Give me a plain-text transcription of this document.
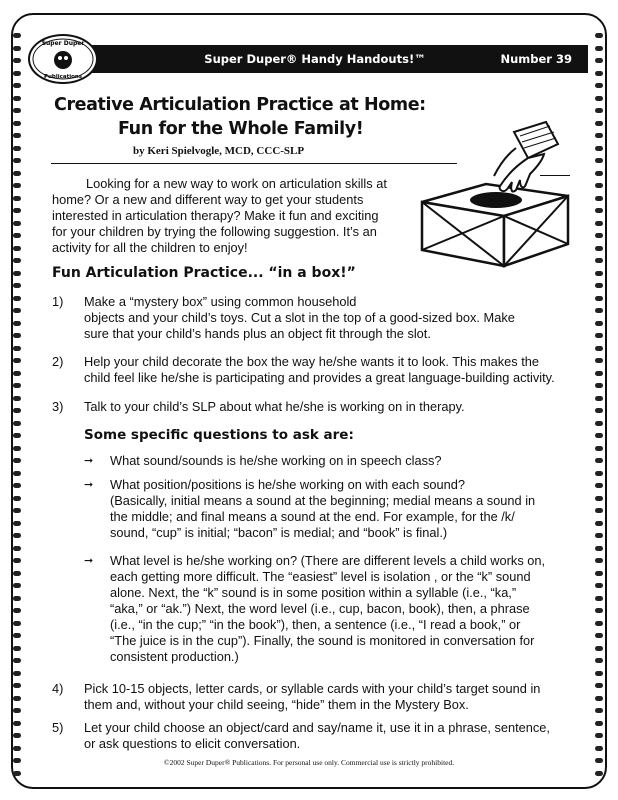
Super Duper® Handy Handouts!™	Number 39
Super Duper
Publications
Creative Articulation Practice at Home:
Fun for the Whole Family!
by Keri Spielvogle, MCD, CCC-SLP
Looking for a new way to work on articulation skills at
home? Or a new and different way to get your students
interested in articulation therapy? Make it fun and exciting
for your children by trying the following suggestion. It’s an
activity for all the children to enjoy!
Fun Articulation Practice... “in a box!”
1) Make a “mystery box” using common household
objects and your child’s toys. Cut a slot in the top of a good-sized box. Make
sure that your child’s hands plus an object fit through the slot.
2) Help your child decorate the box the way he/she wants it to look. This makes the
child feel like he/she is participating and provides a great language-building activity.
3) Talk to your child’s SLP about what he/she is working on in therapy.
Some specific questions to ask are:
➞ What sound/sounds is he/she working on in speech class?
➞ What position/positions is he/she working on with each sound?
(Basically, initial means a sound at the beginning; medial means a sound in
the middle; and final means a sound at the end. For example, for the /k/
sound, “cup” is initial; “bacon” is medial; and “book” is final.)
➞ What level is he/she working on? (There are different levels a child works on,
each getting more difficult. The “easiest” level is isolation , or the “k” sound
alone. Next, the “k” sound is in some position within a syllable (i.e., “ka,”
“aka,” or “ak.”) Next, the word level (i.e., cup, bacon, book), then, a phrase
(i.e., “in the cup;” “in the book”), then, a sentence (i.e., “I read a book,” or
“The juice is in the cup”). Finally, the sound is monitored in conversation for
consistent production.)
4) Pick 10-15 objects, letter cards, or syllable cards with your child’s target sound in
them and, without your child seeing, “hide” them in the Mystery Box.
5) Let your child choose an object/card and say/name it, use it in a phrase, sentence,
or ask questions to elicit conversation.
©2002 Super Duper® Publications. For personal use only. Commercial use is strictly prohibited.
